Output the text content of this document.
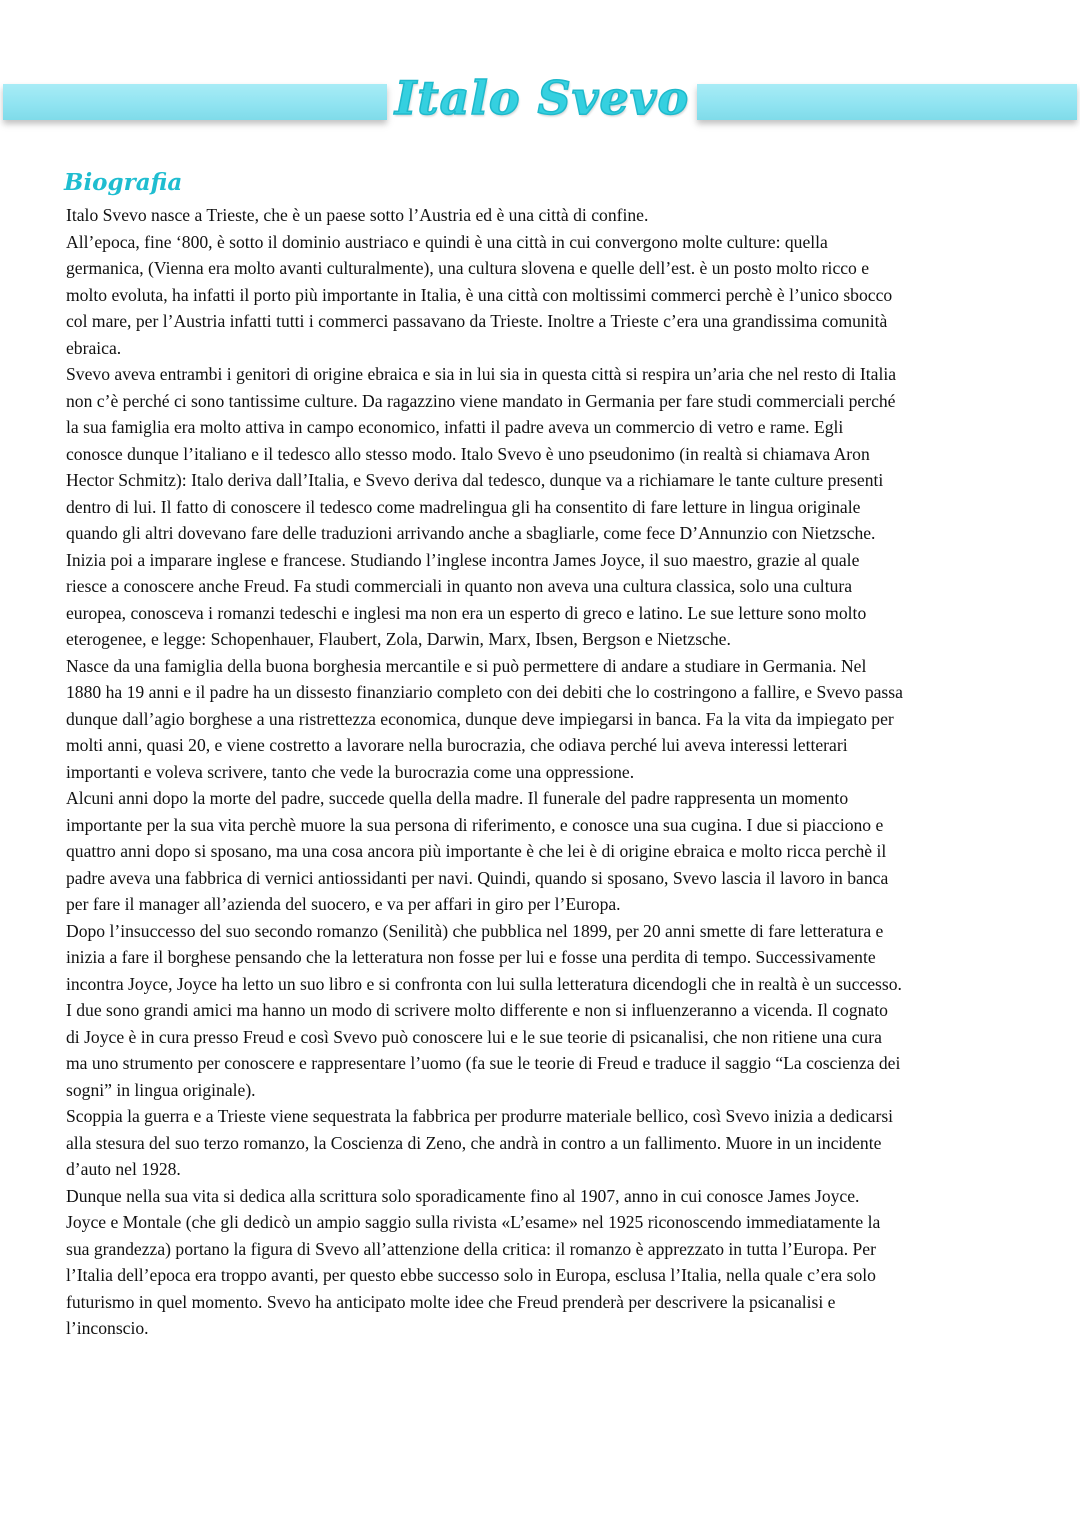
Italo Svevo
Biografia
Italo Svevo nasce a Trieste, che è un paese sotto l’Austria ed è una città di confine.
All’epoca, fine ‘800, è sotto il dominio austriaco e quindi è una città in cui convergono molte culture: quella
germanica, (Vienna era molto avanti culturalmente), una cultura slovena e quelle dell’est. è un posto molto ricco e
molto evoluta, ha infatti il porto più importante in Italia, è una città con moltissimi commerci perchè è l’unico sbocco
col mare, per l’Austria infatti tutti i commerci passavano da Trieste. Inoltre a Trieste c’era una grandissima comunità
ebraica.
Svevo aveva entrambi i genitori di origine ebraica e sia in lui sia in questa città si respira un’aria che nel resto di Italia
non c’è perché ci sono tantissime culture. Da ragazzino viene mandato in Germania per fare studi commerciali perché
la sua famiglia era molto attiva in campo economico, infatti il padre aveva un commercio di vetro e rame. Egli
conosce dunque l’italiano e il tedesco allo stesso modo. Italo Svevo è uno pseudonimo (in realtà si chiamava Aron
Hector Schmitz): Italo deriva dall’Italia, e Svevo deriva dal tedesco, dunque va a richiamare le tante culture presenti
dentro di lui. Il fatto di conoscere il tedesco come madrelingua gli ha consentito di fare letture in lingua originale
quando gli altri dovevano fare delle traduzioni arrivando anche a sbagliarle, come fece D’Annunzio con Nietzsche.
Inizia poi a imparare inglese e francese. Studiando l’inglese incontra James Joyce, il suo maestro, grazie al quale
riesce a conoscere anche Freud. Fa studi commerciali in quanto non aveva una cultura classica, solo una cultura
europea, conosceva i romanzi tedeschi e inglesi ma non era un esperto di greco e latino. Le sue letture sono molto
eterogenee, e legge: Schopenhauer, Flaubert, Zola, Darwin, Marx, Ibsen, Bergson e Nietzsche.
Nasce da una famiglia della buona borghesia mercantile e si può permettere di andare a studiare in Germania. Nel
1880 ha 19 anni e il padre ha un dissesto finanziario completo con dei debiti che lo costringono a fallire, e Svevo passa
dunque dall’agio borghese a una ristrettezza economica, dunque deve impiegarsi in banca. Fa la vita da impiegato per
molti anni, quasi 20, e viene costretto a lavorare nella burocrazia, che odiava perché lui aveva interessi letterari
importanti e voleva scrivere, tanto che vede la burocrazia come una oppressione.
Alcuni anni dopo la morte del padre, succede quella della madre. Il funerale del padre rappresenta un momento
importante per la sua vita perchè muore la sua persona di riferimento, e conosce una sua cugina. I due si piacciono e
quattro anni dopo si sposano, ma una cosa ancora più importante è che lei è di origine ebraica e molto ricca perchè il
padre aveva una fabbrica di vernici antiossidanti per navi. Quindi, quando si sposano, Svevo lascia il lavoro in banca
per fare il manager all’azienda del suocero, e va per affari in giro per l’Europa.
Dopo l’insuccesso del suo secondo romanzo (Senilità) che pubblica nel 1899, per 20 anni smette di fare letteratura e
inizia a fare il borghese pensando che la letteratura non fosse per lui e fosse una perdita di tempo. Successivamente
incontra Joyce, Joyce ha letto un suo libro e si confronta con lui sulla letteratura dicendogli che in realtà è un successo.
I due sono grandi amici ma hanno un modo di scrivere molto differente e non si influenzeranno a vicenda. Il cognato
di Joyce è in cura presso Freud e così Svevo può conoscere lui e le sue teorie di psicanalisi, che non ritiene una cura
ma uno strumento per conoscere e rappresentare l’uomo (fa sue le teorie di Freud e traduce il saggio “La coscienza dei
sogni” in lingua originale).
Scoppia la guerra e a Trieste viene sequestrata la fabbrica per produrre materiale bellico, così Svevo inizia a dedicarsi
alla stesura del suo terzo romanzo, la Coscienza di Zeno, che andrà in contro a un fallimento. Muore in un incidente
d’auto nel 1928.
Dunque nella sua vita si dedica alla scrittura solo sporadicamente fino al 1907, anno in cui conosce James Joyce.
Joyce e Montale (che gli dedicò un ampio saggio sulla rivista «L’esame» nel 1925 riconoscendo immediatamente la
sua grandezza) portano la figura di Svevo all’attenzione della critica: il romanzo è apprezzato in tutta l’Europa. Per
l’Italia dell’epoca era troppo avanti, per questo ebbe successo solo in Europa, esclusa l’Italia, nella quale c’era solo
futurismo in quel momento. Svevo ha anticipato molte idee che Freud prenderà per descrivere la psicanalisi e
l’inconscio.
